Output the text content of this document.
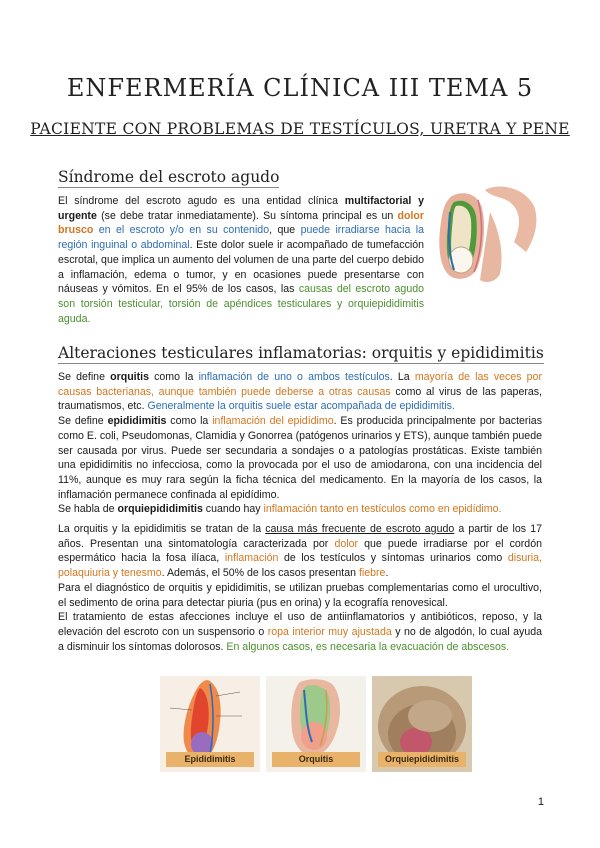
ENFERMERÍA CLÍNICA III TEMA 5
PACIENTE CON PROBLEMAS DE TESTÍCULOS, URETRA Y PENE
Síndrome del escroto agudo
El síndrome del escroto agudo es una entidad clínica multifactorial y urgente (se debe tratar inmediatamente). Su síntoma principal es un dolor brusco en el escroto y/o en su contenido, que puede irradiarse hacia la región inguinal o abdominal. Este dolor suele ir acompañado de tumefacción escrotal, que implica un aumento del volumen de una parte del cuerpo debido a inflamación, edema o tumor, y en ocasiones puede presentarse con náuseas y vómitos. En el 95% de los casos, las causas del escroto agudo son torsión testicular, torsión de apéndices testiculares y orquiepididimitis aguda.
Alteraciones testiculares inflamatorias: orquitis y epididimitis
Se define orquitis como la inflamación de uno o ambos testículos. La mayoría de las veces por causas bacterianas, aunque también puede deberse a otras causas como al virus de las paperas, traumatismos, etc. Generalmente la orquitis suele estar acompañada de epididimitis.
Se define epididimitis como la inflamación del epidídimo. Es producida principalmente por bacterias como E. coli, Pseudomonas, Clamidia y Gonorrea (patógenos urinarios y ETS), aunque también puede ser causada por virus. Puede ser secundaria a sondajes o a patologías prostáticas. Existe también una epididimitis no infecciosa, como la provocada por el uso de amiodarona, con una incidencia del 11%, aunque es muy rara según la ficha técnica del medicamento. En la mayoría de los casos, la inflamación permanece confinada al epidídimo.
Se habla de orquiepididimitis cuando hay inflamación tanto en testículos como en epidídimo.
La orquitis y la epididimitis se tratan de la causa más frecuente de escroto agudo a partir de los 17 años. Presentan una sintomatología caracterizada por dolor que puede irradiarse por el cordón espermático hacia la fosa ilíaca, inflamación de los testículos y síntomas urinarios como disuria, polaquiuria y tenesmo. Además, el 50% de los casos presentan fiebre.
Para el diagnóstico de orquitis y epididimitis, se utilizan pruebas complementarias como el urocultivo, el sedimento de orina para detectar piuria (pus en orina) y la ecografía renovesical.
El tratamiento de estas afecciones incluye el uso de antiinflamatorios y antibióticos, reposo, y la elevación del escroto con un suspensorio o ropa interior muy ajustada y no de algodón, lo cual ayuda a disminuir los síntomas dolorosos. En algunos casos, es necesaria la evacuación de abscesos.
Epididimitis	Orquitis	Orquiepididimitis
1
